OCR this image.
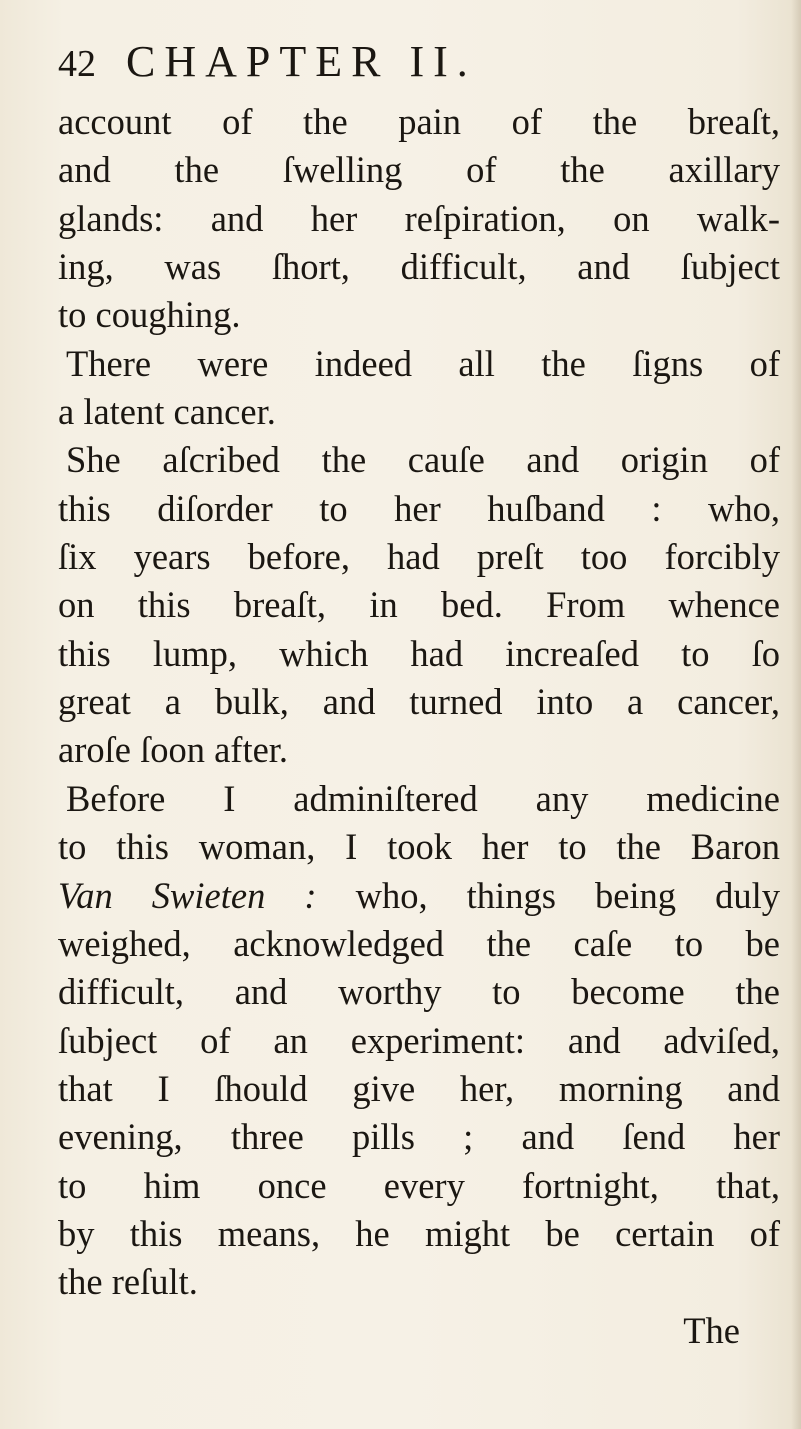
42 CHAPTER II.
account of the pain of the breaſt,
and the ſwelling of the axillary
glands: and her reſpiration, on walk-
ing, was ſhort, difficult, and ſubject
to coughing.
There were indeed all the ſigns of
a latent cancer.
She aſcribed the cauſe and origin of
this diſorder to her huſband : who,
ſix years before, had preſt too forcibly
on this breaſt, in bed. From whence
this lump, which had increaſed to ſo
great a bulk, and turned into a cancer,
aroſe ſoon after.
Before I adminiſtered any medicine
to this woman, I took her to the Baron
Van Swieten : who, things being duly
weighed, acknowledged the caſe to be
difficult, and worthy to become the
ſubject of an experiment: and adviſed,
that I ſhould give her, morning and
evening, three pills ; and ſend her
to him once every fortnight, that,
by this means, he might be certain of
the reſult.
The
